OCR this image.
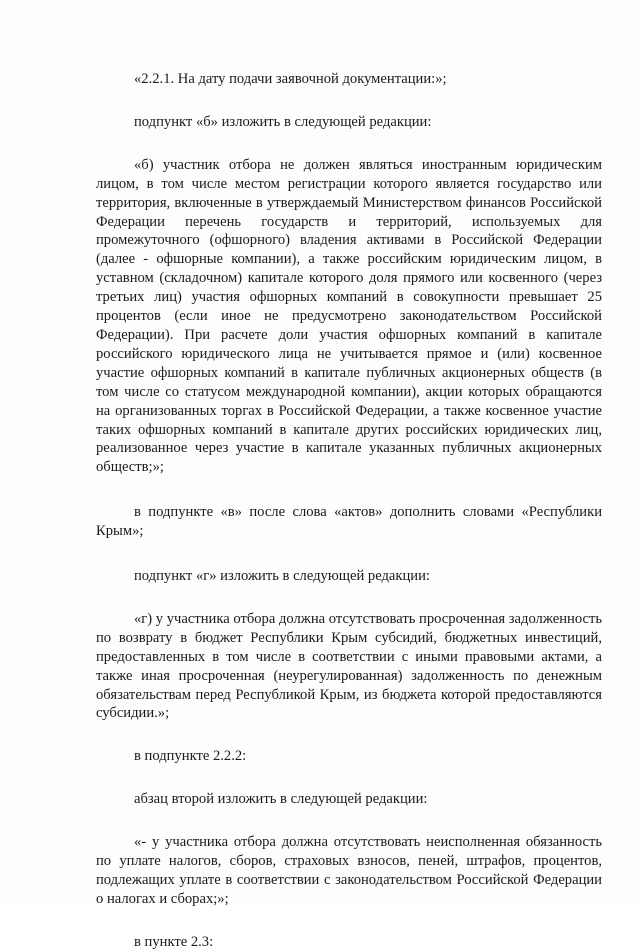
«2.2.1. На дату подачи заявочной документации:»;

подпункт «б» изложить в следующей редакции:

«б) участник отбора не должен являться иностранным юридическим лицом, в том числе местом регистрации которого является государство или территория, включенные в утверждаемый Министерством финансов Российской Федерации перечень государств и территорий, используемых для промежуточного (офшорного) владения активами в Российской Федерации (далее - офшорные компании), а также российским юридическим лицом, в уставном (складочном) капитале которого доля прямого или косвенного (через третьих лиц) участия офшорных компаний в совокупности превышает 25 процентов (если иное не предусмотрено законодательством Российской Федерации). При расчете доли участия офшорных компаний в капитале российского юридического лица не учитывается прямое и (или) косвенное участие офшорных компаний в капитале публичных акционерных обществ (в том числе со статусом международной компании), акции которых обращаются на организованных торгах в Российской Федерации, а также косвенное участие таких офшорных компаний в капитале других российских юридических лиц, реализованное через участие в капитале указанных публичных акционерных обществ;»;

в подпункте «в» после слова «актов» дополнить словами «Республики Крым»;

подпункт «г» изложить в следующей редакции:

«г) у участника отбора должна отсутствовать просроченная задолженность по возврату в бюджет Республики Крым субсидий, бюджетных инвестиций, предоставленных в том числе в соответствии с иными правовыми актами, а также иная просроченная (неурегулированная) задолженность по денежным обязательствам перед Республикой Крым, из бюджета которой предоставляются субсидии.»;

в подпункте 2.2.2:

абзац второй изложить в следующей редакции:

«- у участника отбора должна отсутствовать неисполненная обязанность по уплате налогов, сборов, страховых взносов, пеней, штрафов, процентов, подлежащих уплате в соответствии с законодательством Российской Федерации о налогах и сборах;»;

в пункте 2.3:
